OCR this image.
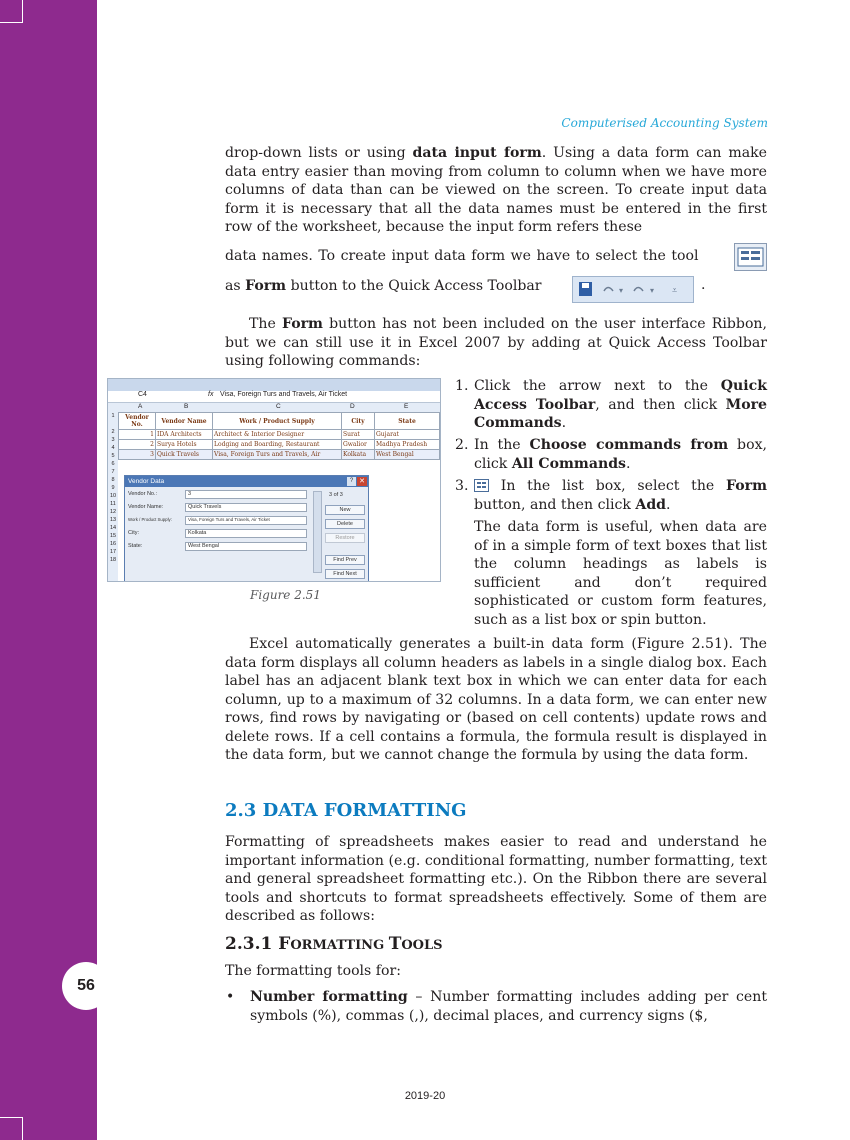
56
Computerised Accounting System

drop-down lists or using data input form. Using a data form can make data entry easier than moving from column to column when we have more columns of data than can be viewed on the screen. To create input data form it is necessary that all the data names must be entered in the first row of the worksheet, because the input form refers these

data names. To create input data form we have to select the tool

as Form button to the Quick Access Toolbar	▾	▾ ⩡ .

The Form button has not been included on the user interface Ribbon, but we can still use it in Excel 2007 by adding at Quick Access Toolbar using following commands:

C4	fx Visa, Foreign Turs and Travels, Air Ticket
A	B	C	D	E
1

2
3
4
5
6
7
8
9
10
11
12
13
14
15
16
17
18
Vendor No.	Vendor Name	Work / Product Supply	City	State
1	IDA Architects	Architect & Interior Designer	Surat	Gujarat
2	Surya Hotels	Lodging and Boarding, Restaurant	Gwalior	Madhya Pradesh
3	Quick Travels	Visa, Foreign Turs and Travels, Air	Kolkata	West Bengal
Vendor Data	? ✕
Vendor No.:	3
Vendor Name:	Quick Travels
Work / Product Supply:	Visa, Foreign Turs and Travels, Air Ticket
City:	Kolkata
State:	West Bengal
3 of 3
New
Delete
Restore
Find Prev
Find Next
Figure 2.51

1. Click the arrow next to the Quick Access Toolbar, and then click More Commands.

2. In the Choose commands from box, click All Commands.

3. In the list box, select the Form button, and then click Add.

The data form is useful, when data are of in a simple form of text boxes that list the column headings as labels is sufficient and don’t required sophisticated or custom form features, such as a list box or spin button.

Excel automatically generates a built-in data form (Figure 2.51). The data form displays all column headers as labels in a single dialog box. Each label has an adjacent blank text box in which we can enter data for each column, up to a maximum of 32 columns. In a data form, we can enter new rows, find rows by navigating or (based on cell contents) update rows and delete rows. If a cell contains a formula, the formula result is displayed in the data form, but we cannot change the formula by using the data form.

2.3 DATA FORMATTING

Formatting of spreadsheets makes easier to read and understand he important information (e.g. conditional formatting, number formatting, text and general spreadsheet formatting etc.). On the Ribbon there are several tools and shortcuts to format spreadsheets effectively. Some of them are described as follows:

2.3.1 FORMATTING TOOLS

The formatting tools for:

• Number formatting – Number formatting includes adding per cent symbols (%), commas (,), decimal places, and currency signs ($,

2019-20
